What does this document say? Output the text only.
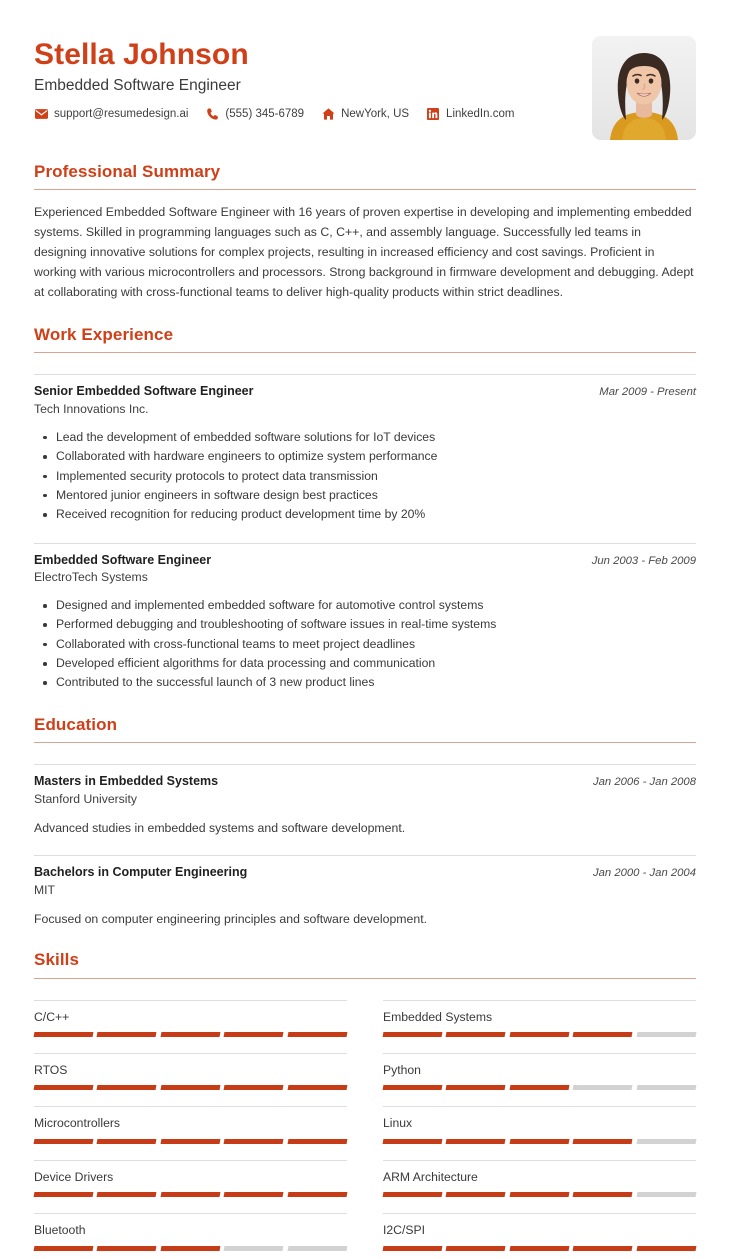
Stella Johnson
Embedded Software Engineer
support@resumedesign.ai	(555) 345-6789	NewYork, US	LinkedIn.com
Professional Summary

Experienced Embedded Software Engineer with 16 years of proven expertise in developing and implementing embedded systems. Skilled in programming languages such as C, C++, and assembly language. Successfully led teams in designing innovative solutions for complex projects, resulting in increased efficiency and cost savings. Proficient in working with various microcontrollers and processors. Strong background in firmware development and debugging. Adept at collaborating with cross-functional teams to deliver high-quality products within strict deadlines.

Work Experience
Senior Embedded Software Engineer	Mar 2009 - Present
Tech Innovations Inc.
Lead the development of embedded software solutions for IoT devices
Collaborated with hardware engineers to optimize system performance
Implemented security protocols to protect data transmission
Mentored junior engineers in software design best practices
Received recognition for reducing product development time by 20%
Embedded Software Engineer	Jun 2003 - Feb 2009
ElectroTech Systems
Designed and implemented embedded software for automotive control systems
Performed debugging and troubleshooting of software issues in real-time systems
Collaborated with cross-functional teams to meet project deadlines
Developed efficient algorithms for data processing and communication
Contributed to the successful launch of 3 new product lines
Education
Masters in Embedded Systems	Jan 2006 - Jan 2008
Stanford University
Advanced studies in embedded systems and software development.
Bachelors in Computer Engineering	Jan 2000 - Jan 2004
MIT
Focused on computer engineering principles and software development.
Skills
C/C++	Embedded Systems
RTOS	Python
Microcontrollers	Linux
Device Drivers	ARM Architecture
Bluetooth	I2C/SPI
